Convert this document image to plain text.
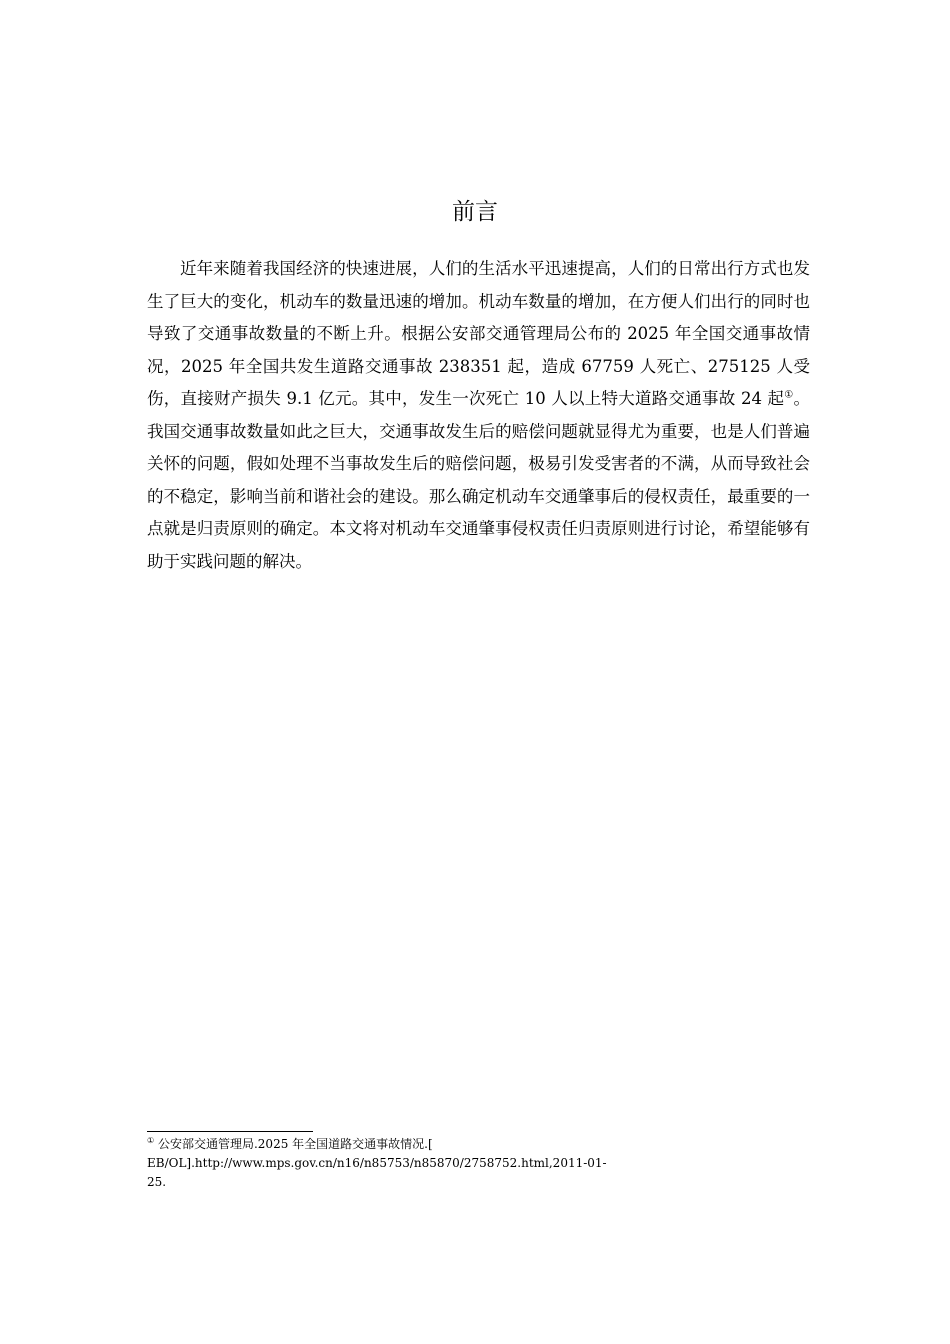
前言

近年来随着我国经济的快速进展，人们的生活水平迅速提高，人们的日常出行方式也发生了巨大的变化，机动车的数量迅速的增加。机动车数量的增加，在方便人们出行的同时也导致了交通事故数量的不断上升。根据公安部交通管理局公布的 2025 年全国交通事故情况，2025 年全国共发生道路交通事故 238351 起，造成 67759 人死亡、275125 人受伤，直接财产损失 9.1 亿元。其中，发生一次死亡 10 人以上特大道路交通事故 24 起①。我国交通事故数量如此之巨大，交通事故发生后的赔偿问题就显得尤为重要，也是人们普遍关怀的问题，假如处理不当事故发生后的赔偿问题，极易引发受害者的不满，从而导致社会的不稳定，影响当前和谐社会的建设。那么确定机动车交通肇事后的侵权责任，最重要的一点就是归责原则的确定。本文将对机动车交通肇事侵权责任归责原则进行讨论，希望能够有助于实践问题的解决。

① 公安部交通管理局.2025 年全国道路交通事故情况.[
EB/OL].http://www.mps.gov.cn/n16/n85753/n85870/2758752.html,2011-01-25.
